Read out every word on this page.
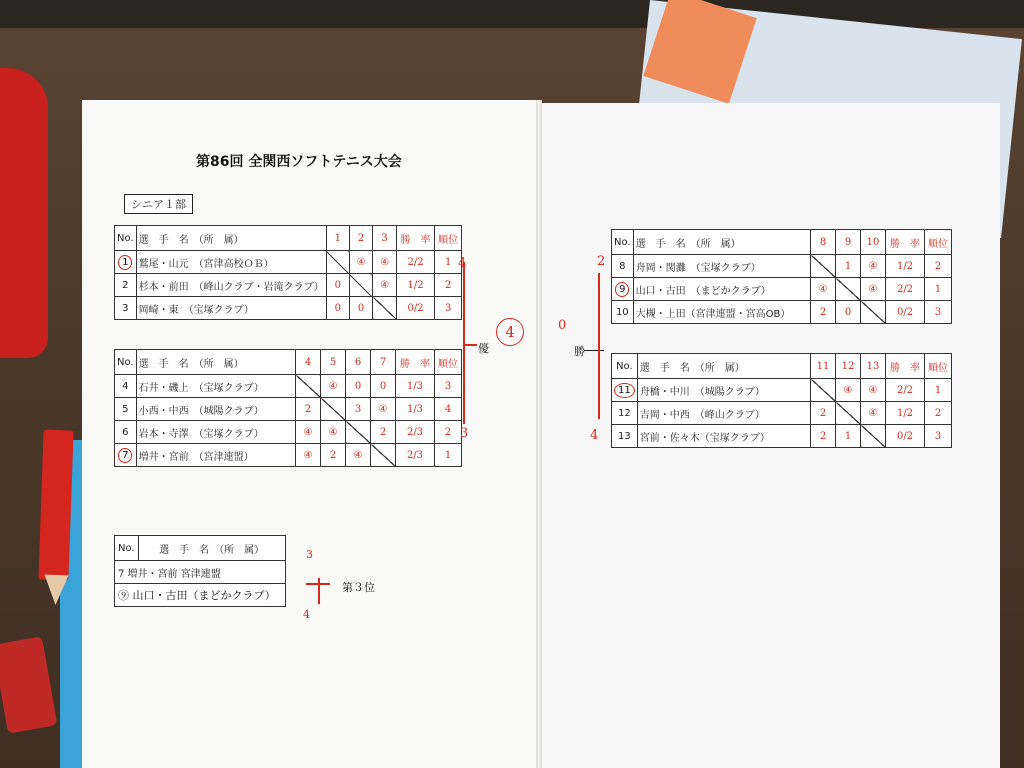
第86回 全関西ソフトテニス大会
シニア１部
No.	選　手　名　（所　属）	1	2	3	勝　率	順位
1	鷲尾・山元　（宮津高校ＯＢ）		④	④	2/2	1
2	杉本・前田　（峰山クラブ・岩滝クラブ）	0		④	1/2	2
3	岡崎・東　（宝塚クラブ）	0	0		0/2	3
No.	選　手　名　（所　属）	4	5	6	7	勝　率	順位
4	石井・磯上　（宝塚クラブ）		④	0	0	1/3	3
5	小西・中西　（城陽クラブ）	2		3	④	1/3	4
6	岩本・寺澤　（宝塚クラブ）	④	④		2	2/3	2
7	増井・宮前　（宮津連盟）	④	2	④		2/3	1
No.	選　手　名　（所　属）	8	9	10	勝　率	順位
8	舟岡・関灘　（宝塚クラブ）		1	④	1/2	2
9	山口・古田　（まどかクラブ）	④		④	2/2	1
10	大槻・上田（宮津連盟・宮高OB）	2	0		0/2	3
No.	選　手　名　（所　属）	11	12	13	勝　率	順位
11	舟橋・中川　（城陽クラブ）		④	④	2/2	1
12	吉岡・中西　（峰山クラブ）	2		④	1/2	2
13	宮前・佐々木（宝塚クラブ）	2	1		0/2	3
4
3
優
4	0
勝
2
4
No.	選　手　名　（所　属）
7 増井・宮前 宮津連盟
⑨ 山口・古田（まどかクラブ）
3
4
第３位
